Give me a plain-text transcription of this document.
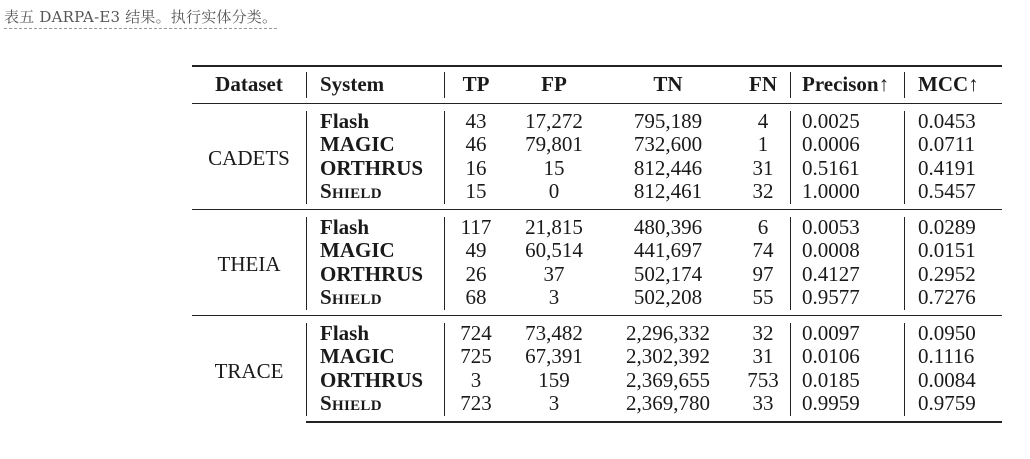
表五 DARPA-E3 结果。执行实体分类。
Dataset	System	TP	FP	TN	FN	Precison↑	MCC↑
CADETS	Flash	43	17,272	795,189	4	0.0025	0.0453
	MAGIC	46	79,801	732,600	1	0.0006	0.0711
	ORTHRUS	16	15	812,446	31	0.5161	0.4191
	Shield	15	0	812,461	32	1.0000	0.5457
THEIA	Flash	117	21,815	480,396	6	0.0053	0.0289
	MAGIC	49	60,514	441,697	74	0.0008	0.0151
	ORTHRUS	26	37	502,174	97	0.4127	0.2952
	Shield	68	3	502,208	55	0.9577	0.7276
TRACE	Flash	724	73,482	2,296,332	32	0.0097	0.0950
	MAGIC	725	67,391	2,302,392	31	0.0106	0.1116
	ORTHRUS	3	159	2,369,655	753	0.0185	0.0084
	Shield	723	3	2,369,780	33	0.9959	0.9759
